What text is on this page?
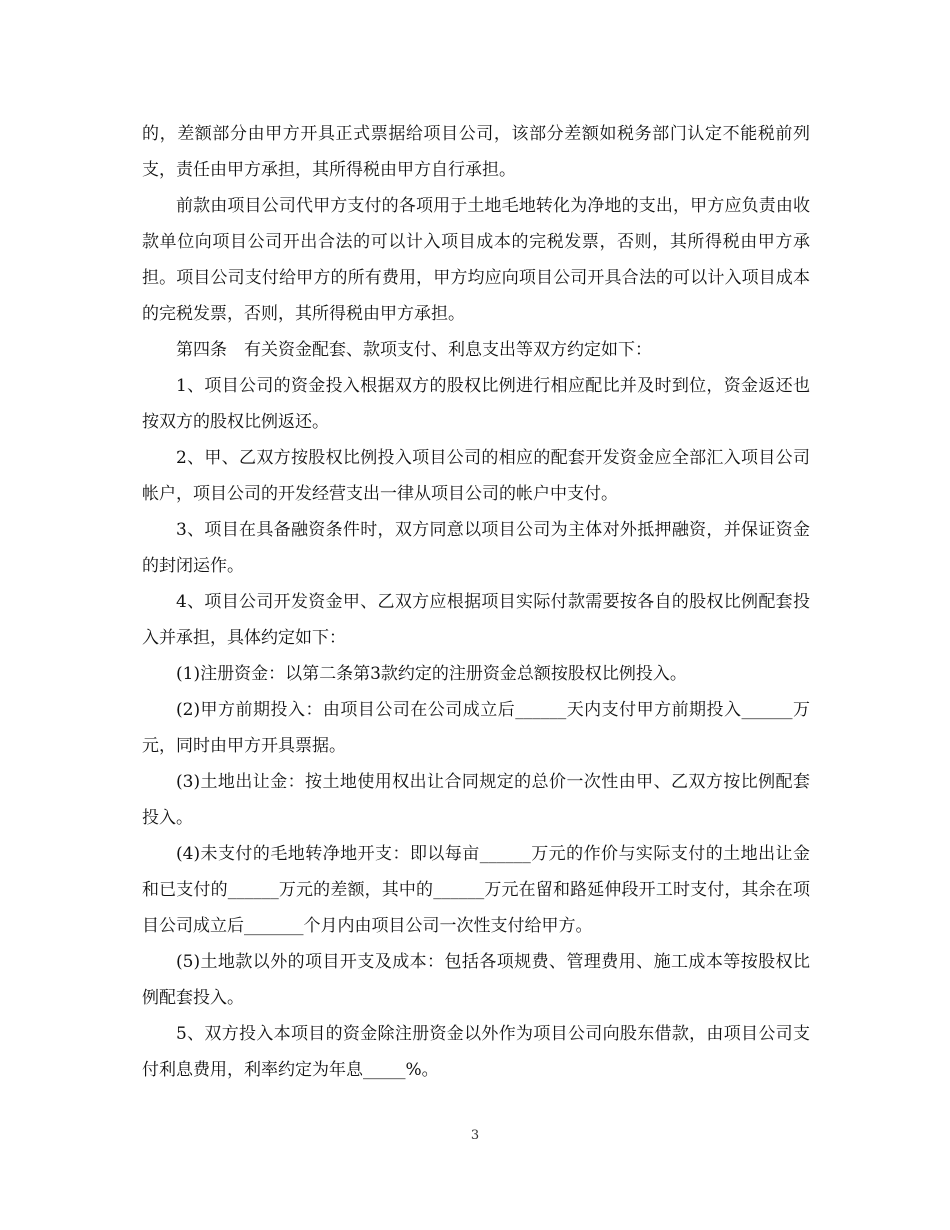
的，差额部分由甲方开具正式票据给项目公司，该部分差额如税务部门认定不能税前列支，责任由甲方承担，其所得税由甲方自行承担。

前款由项目公司代甲方支付的各项用于土地毛地转化为净地的支出，甲方应负责由收款单位向项目公司开出合法的可以计入项目成本的完税发票，否则，其所得税由甲方承担。项目公司支付给甲方的所有费用，甲方均应向项目公司开具合法的可以计入项目成本的完税发票，否则，其所得税由甲方承担。

第四条　有关资金配套、款项支付、利息支出等双方约定如下：

1、项目公司的资金投入根据双方的股权比例进行相应配比并及时到位，资金返还也按双方的股权比例返还。

2、甲、乙双方按股权比例投入项目公司的相应的配套开发资金应全部汇入项目公司帐户，项目公司的开发经营支出一律从项目公司的帐户中支付。

3、项目在具备融资条件时，双方同意以项目公司为主体对外抵押融资，并保证资金的封闭运作。

4、项目公司开发资金甲、乙双方应根据项目实际付款需要按各自的股权比例配套投入并承担，具体约定如下：

(1)注册资金：以第二条第3款约定的注册资金总额按股权比例投入。

(2)甲方前期投入：由项目公司在公司成立后______天内支付甲方前期投入______万元，同时由甲方开具票据。

(3)土地出让金：按土地使用权出让合同规定的总价一次性由甲、乙双方按比例配套投入。

(4)未支付的毛地转净地开支：即以每亩______万元的作价与实际支付的土地出让金和已支付的______万元的差额，其中的______万元在留和路延伸段开工时支付，其余在项目公司成立后_______个月内由项目公司一次性支付给甲方。

(5)土地款以外的项目开支及成本：包括各项规费、管理费用、施工成本等按股权比例配套投入。

5、双方投入本项目的资金除注册资金以外作为项目公司向股东借款，由项目公司支付利息费用，利率约定为年息_____%。

3
